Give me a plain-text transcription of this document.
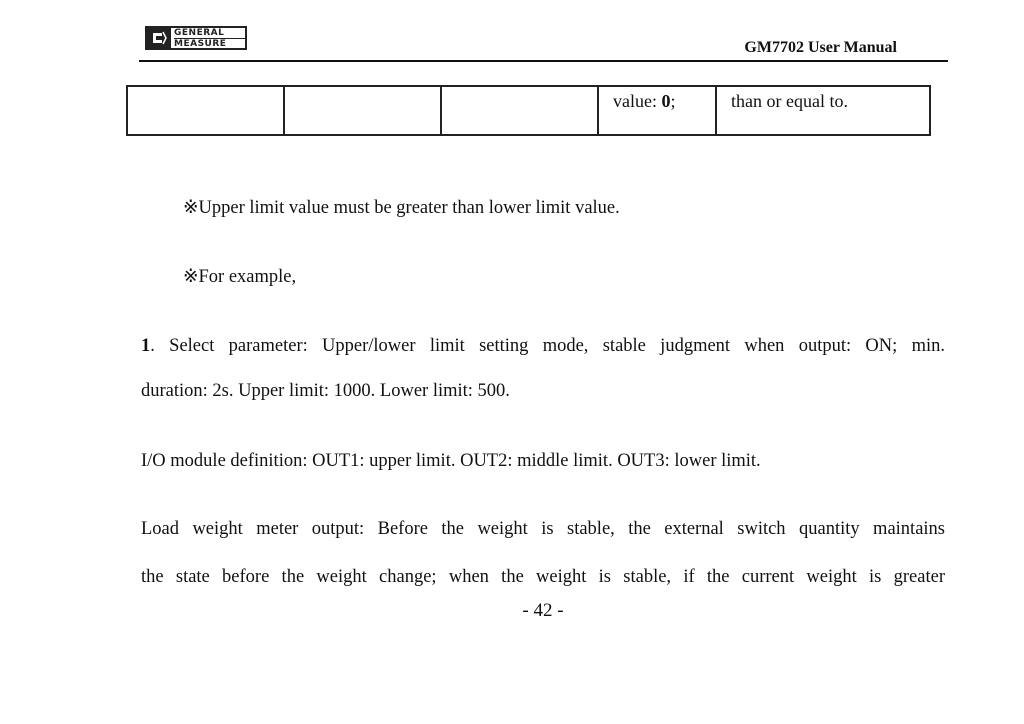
GENERAL
MEASURE	GM7702 User Manual
			value: 0;	than or equal to.
※Upper limit value must be greater than lower limit value.
※For example,
1. Select parameter: Upper/lower limit setting mode, stable judgment when output: ON; min.
duration: 2s. Upper limit: 1000. Lower limit: 500.
I/O module definition: OUT1: upper limit. OUT2: middle limit. OUT3: lower limit.
Load weight meter output: Before the weight is stable, the external switch quantity maintains
the state before the weight change; when the weight is stable, if the current weight is greater
- 42 -
